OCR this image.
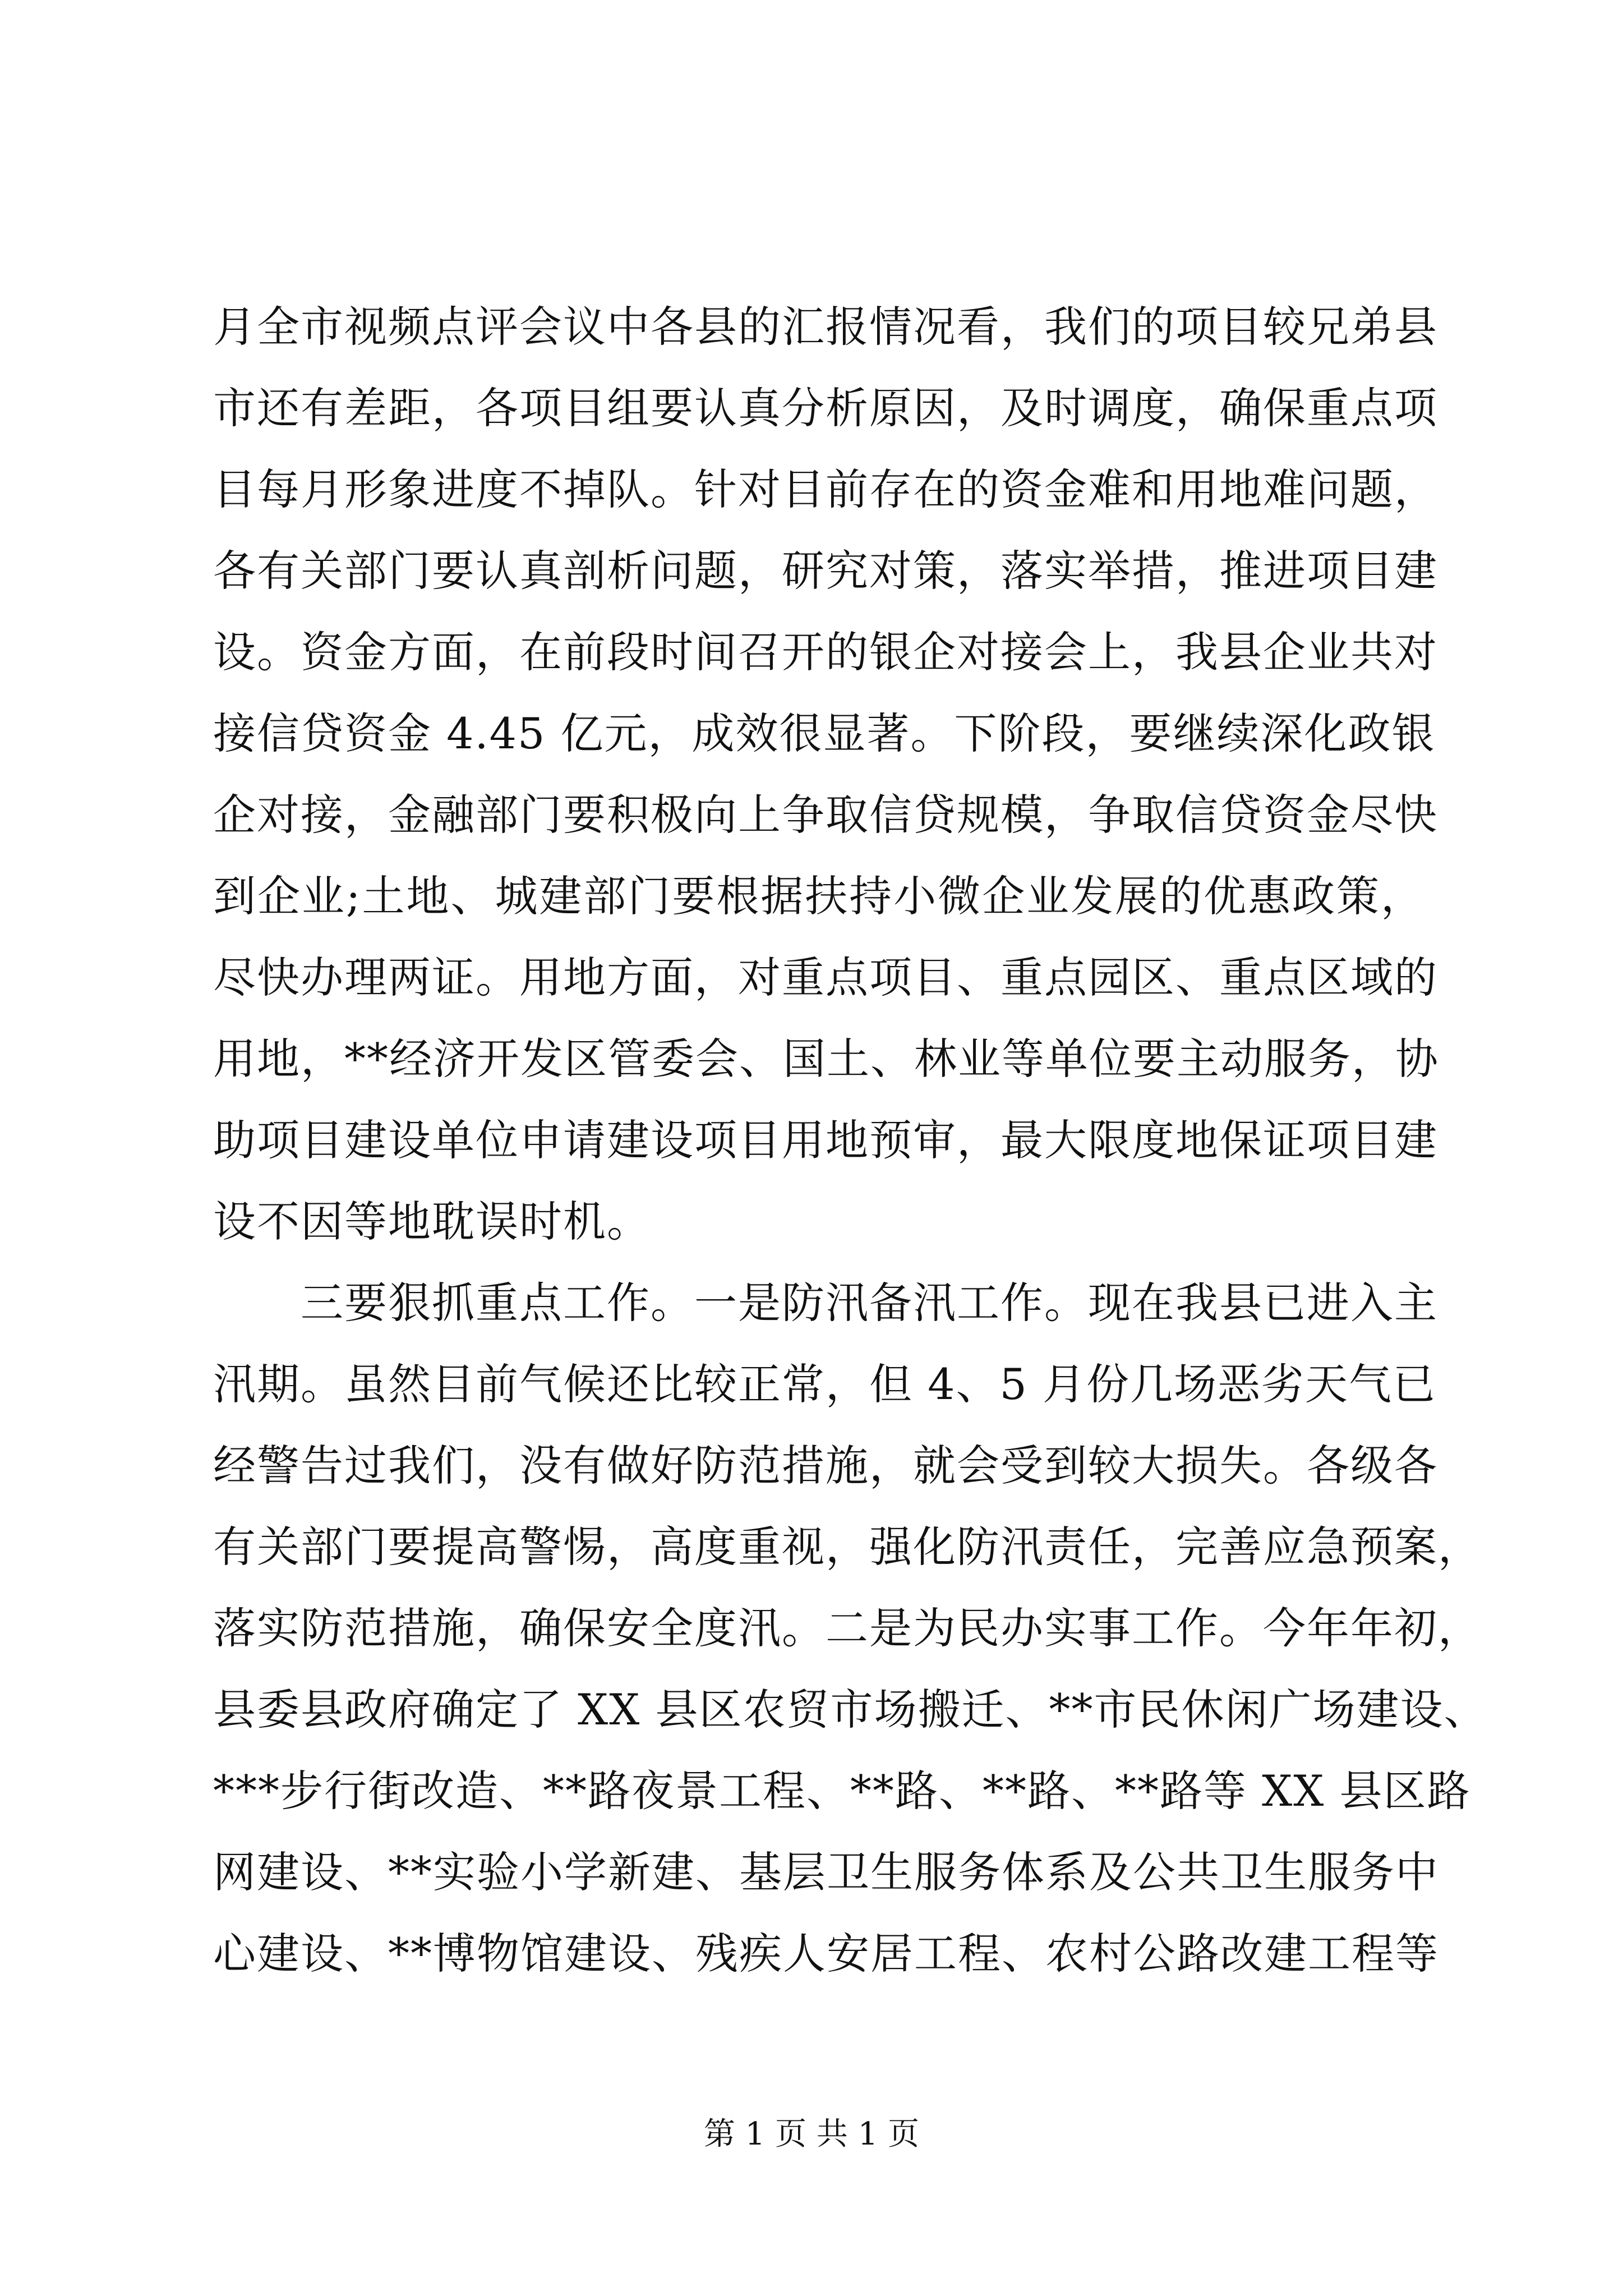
月全市视频点评会议中各县的汇报情况看，我们的项目较兄弟县
市还有差距，各项目组要认真分析原因，及时调度，确保重点项
目每月形象进度不掉队。针对目前存在的资金难和用地难问题，
各有关部门要认真剖析问题，研究对策，落实举措，推进项目建
设。资金方面，在前段时间召开的银企对接会上，我县企业共对
接信贷资金 4.45 亿元，成效很显著。下阶段，要继续深化政银
企对接，金融部门要积极向上争取信贷规模，争取信贷资金尽快
到企业;土地、城建部门要根据扶持小微企业发展的优惠政策，
尽快办理两证。用地方面，对重点项目、重点园区、重点区域的
用地，**经济开发区管委会、国土、林业等单位要主动服务，协
助项目建设单位申请建设项目用地预审，最大限度地保证项目建
设不因等地耽误时机。
　　三要狠抓重点工作。一是防汛备汛工作。现在我县已进入主
汛期。虽然目前气候还比较正常，但 4、5 月份几场恶劣天气已
经警告过我们，没有做好防范措施，就会受到较大损失。各级各
有关部门要提高警惕，高度重视，强化防汛责任，完善应急预案，
落实防范措施，确保安全度汛。二是为民办实事工作。今年年初，
县委县政府确定了 XX 县区农贸市场搬迁、**市民休闲广场建设、
***步行街改造、**路夜景工程、**路、**路、**路等 XX 县区路
网建设、**实验小学新建、基层卫生服务体系及公共卫生服务中
心建设、**博物馆建设、残疾人安居工程、农村公路改建工程等
第 1 页 共 1 页
